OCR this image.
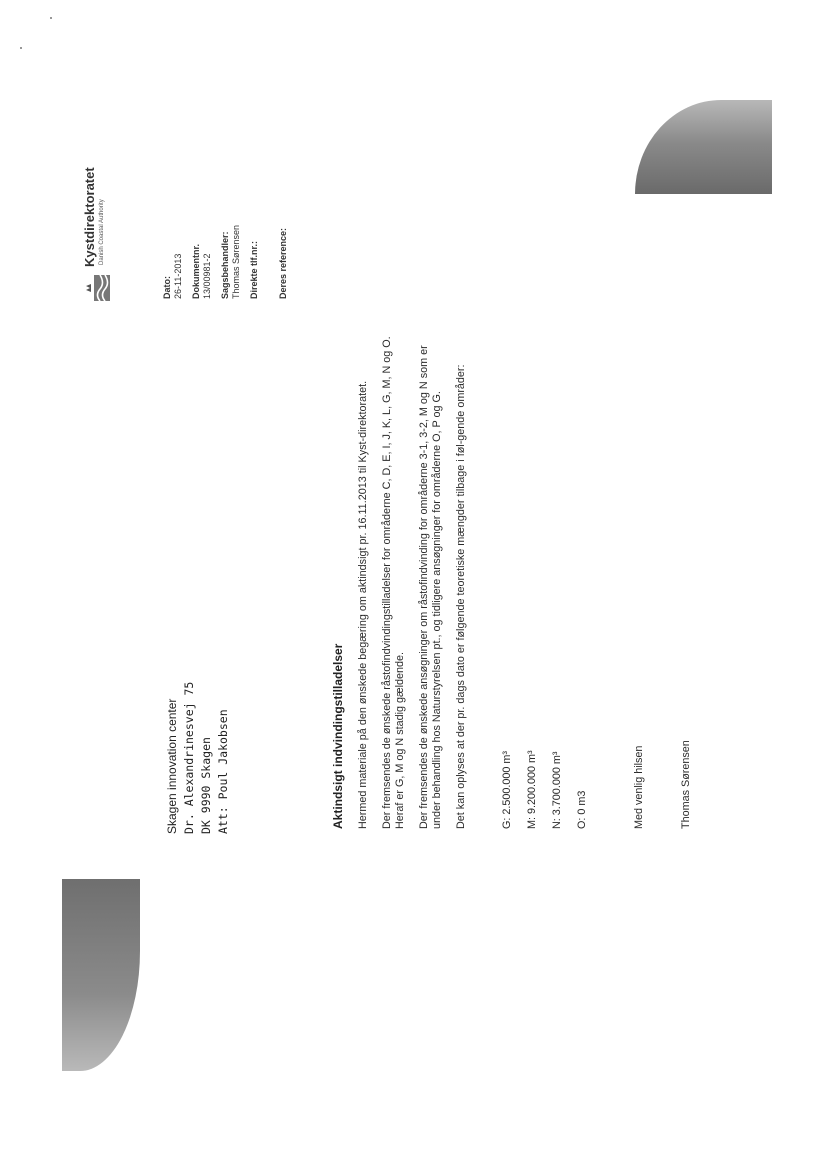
Kystdirektoratet Danish Coastal Authority
Dato: 26-11-2013 Dokumentnr. 13/00981-2 Sagsbehandler: Thomas Sørensen Direkte tlf.nr.: Deres reference:
Skagen innovation center Dr. Alexandrinesvej 75 DK 9990 Skagen Att: Poul Jakobsen	Aktindsigt indvindingstilladelser Hermed materiale på den ønskede begæring om aktindsigt pr. 16.11.2013 til Kyst-direktoratet. Der fremsendes de ønskede råstofindvindingstilladelser for områderne C, D, E, I, J, K, L, G, M, N og O. Heraf er G, M og N stadig gældende. Der fremsendes de ønskede ansøgninger om råstofindvinding for områderne 3-1, 3-2, M og N som er under behandling hos Naturstyrelsen pt., og tidligere ansøgninger for områderne O, P og G. Det kan oplyses at der pr. dags dato er følgende teoretiske mængder tilbage i føl-gende områder:	G: 2.500.000 m³ M: 9.200.000 m³ N: 3.700.000 m³ O: 0 m3	Med venlig hilsen	Thomas Sørensen
